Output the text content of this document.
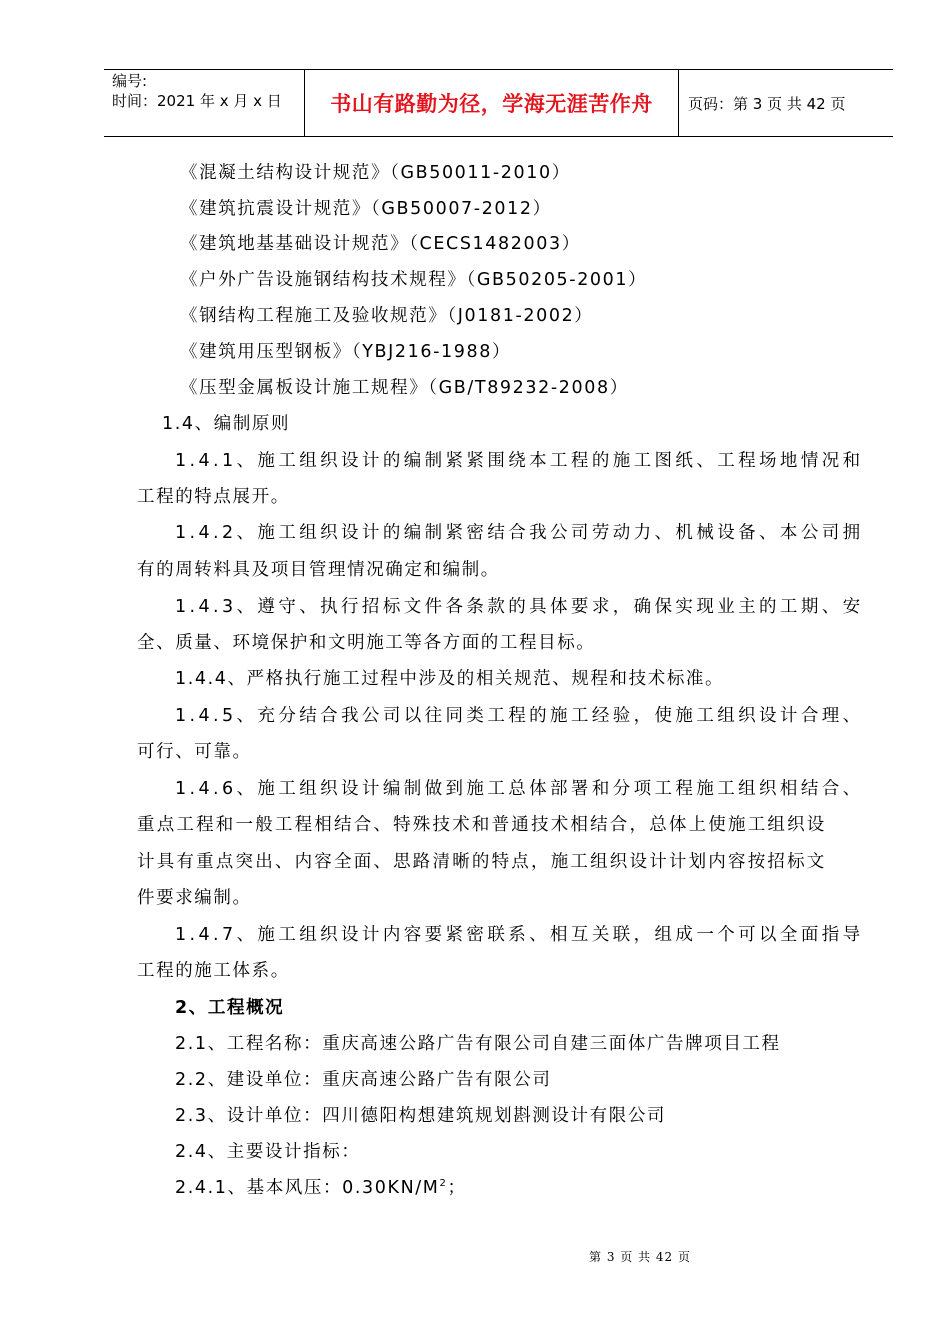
编号:
时间：2021 年 x 月 x 日 书山有路勤为径，学海无涯苦作舟	页码：第 3 页 共 42 页
《混凝土结构设计规范》（GB50011-2010）
《建筑抗震设计规范》（GB50007-2012）
《建筑地基基础设计规范》（CECS1482003）
《户外广告设施钢结构技术规程》（GB50205-2001）
《钢结构工程施工及验收规范》（J0181-2002）
《建筑用压型钢板》（YBJ216-1988）
《压型金属板设计施工规程》（GB/T89232-2008）
1.4、编制原则
1.4.1、施工组织设计的编制紧紧围绕本工程的施工图纸、工程场地情况和
工程的特点展开。
1.4.2、施工组织设计的编制紧密结合我公司劳动力、机械设备、本公司拥
有的周转料具及项目管理情况确定和编制。
1.4.3、遵守、执行招标文件各条款的具体要求，确保实现业主的工期、安
全、质量、环境保护和文明施工等各方面的工程目标。
1.4.4、严格执行施工过程中涉及的相关规范、规程和技术标准。
1.4.5、充分结合我公司以往同类工程的施工经验，使施工组织设计合理、
可行、可靠。
1.4.6、施工组织设计编制做到施工总体部署和分项工程施工组织相结合、
重点工程和一般工程相结合、特殊技术和普通技术相结合，总体上使施工组织设
计具有重点突出、内容全面、思路清晰的特点，施工组织设计计划内容按招标文
件要求编制。
1.4.7、施工组织设计内容要紧密联系、相互关联，组成一个可以全面指导
工程的施工体系。
2、工程概况
2.1、工程名称：重庆高速公路广告有限公司自建三面体广告牌项目工程
2.2、建设单位：重庆高速公路广告有限公司
2.3、设计单位：四川德阳构想建筑规划斟测设计有限公司
2.4、主要设计指标：
2.4.1、基本风压：$0.30KN/M^2$；
第 3 页 共 42 页
